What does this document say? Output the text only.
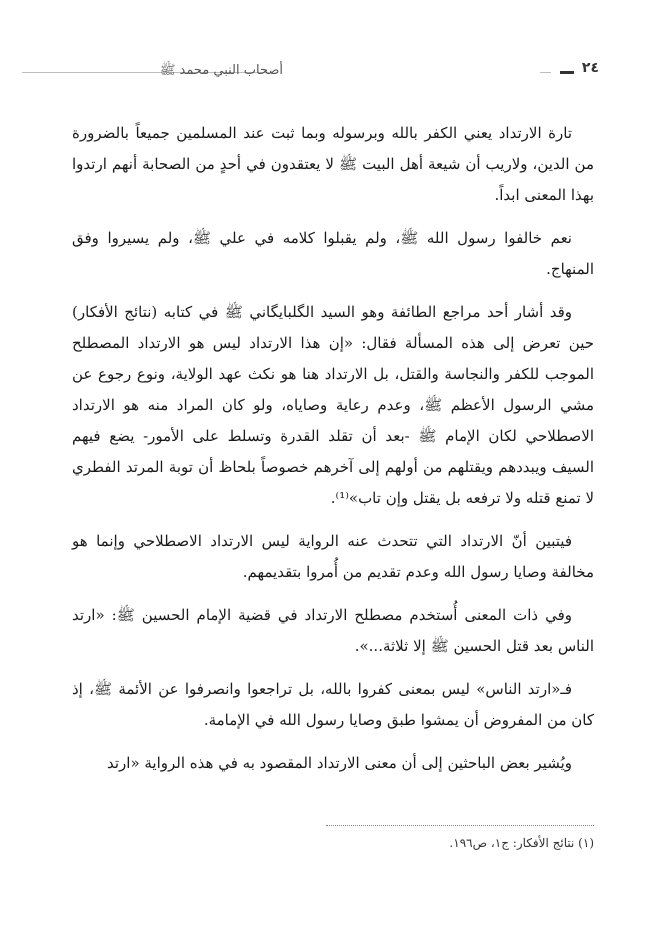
أصحاب النبي محمد ﷺ	٢٤

تارة الارتداد يعني الكفر بالله وبرسوله وبما ثبت عند المسلمين جميعاً بالضرورة من الدين، ولاريب أن شيعة أهل البيت ﷺ لا يعتقدون في أحدٍ من الصحابة أنهم ارتدوا بهذا المعنى ابداً.

نعم خالفوا رسول الله ﷺ، ولم يقبلوا كلامه في علي ﷺ، ولم يسيروا وفق المنهاج.

وقد أشار أحد مراجع الطائفة وهو السيد الگلبايگاني ﷺ في كتابه (نتائج الأفكار) حين تعرض إلى هذه المسألة فقال: «إن هذا الارتداد ليس هو الارتداد المصطلح الموجب للكفر والنجاسة والقتل، بل الارتداد هنا هو نكث عهد الولاية، ونوع رجوع عن مشي الرسول الأعظم ﷺ، وعدم رعاية وصاياه، ولو كان المراد منه هو الارتداد الاصطلاحي لكان الإمام ﷺ -بعد أن تقلد القدرة وتسلط على الأمور- يضع فيهم السيف ويبددهم ويقتلهم من أولهم إلى آخرهم خصوصاً بلحاظ أن توبة المرتد الفطري لا تمنع قتله ولا ترفعه بل يقتل وإن تاب»⁽¹⁾.

فيتبين أنّ الارتداد التي تتحدث عنه الرواية ليس الارتداد الاصطلاحي وإنما هو مخالفة وصايا رسول الله وعدم تقديم من أُمروا بتقديمهم.

وفي ذات المعنى أُستخدم مصطلح الارتداد في قضية الإمام الحسين ﷺ: «ارتد الناس بعد قتل الحسين ﷺ إلا ثلاثة...».

فـ«ارتد الناس» ليس بمعنى كفروا بالله، بل تراجعوا وانصرفوا عن الأئمة ﷺ، إذ كان من المفروض أن يمشوا طبق وصايا رسول الله في الإمامة.

ويُشير بعض الباحثين إلى أن معنى الارتداد المقصود به في هذه الرواية «ارتد

(١) نتائج الأفكار: ج١، ص١٩٦.
